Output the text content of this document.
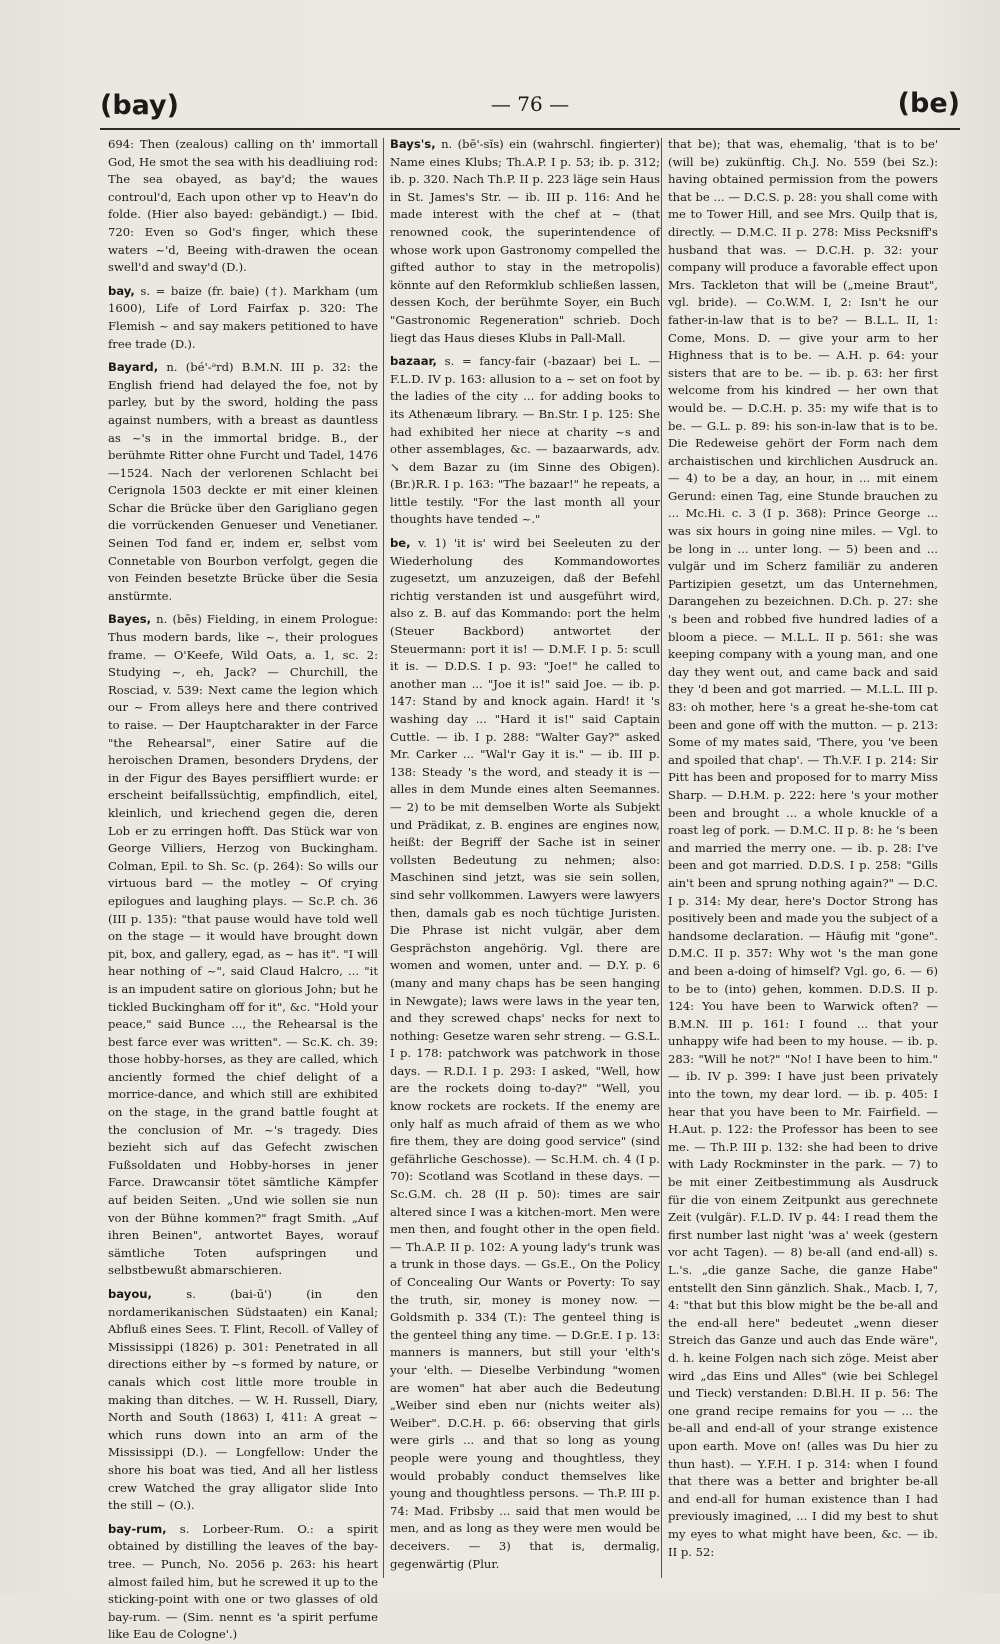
(bay)	— 76 —	(be)

694: Then (zealous) calling on th' immortall God, He smot the sea with his deadliuing rod: The sea obayed, as bay'd; the waues controul'd, Each upon other vp to Heav'n do folde. (Hier also bayed: gebändigt.) — Ibid. 720: Even so God's finger, which these waters ~'d, Beeing with-drawen the ocean swell'd and sway'd (D.).

bay, s. = baize (fr. baie) (†). Markham (um 1600), Life of Lord Fairfax p. 320: The Flemish ~ and say makers petitioned to have free trade (D.).

Bayard, n. (bé'-ᵊrd) B.M.N. III p. 32: the English friend had delayed the foe, not by parley, but by the sword, holding the pass against numbers, with a breast as dauntless as ~'s in the immortal bridge. B., der berühmte Ritter ohne Furcht und Tadel, 1476—1524. Nach der verlorenen Schlacht bei Cerignola 1503 deckte er mit einer kleinen Schar die Brücke über den Garigliano gegen die vorrückenden Genueser und Venetianer. Seinen Tod fand er, indem er, selbst vom Connetable von Bourbon verfolgt, gegen die von Feinden besetzte Brücke über die Sesia anstürmte.

Bayes, n. (bēs) Fielding, in einem Prologue: Thus modern bards, like ~, their prologues frame. — O'Keefe, Wild Oats, a. 1, sc. 2: Studying ~, eh, Jack? — Churchill, the Rosciad, v. 539: Next came the legion which our ~ From alleys here and there contrived to raise. — Der Hauptcharakter in der Farce "the Rehearsal", einer Satire auf die heroischen Dramen, besonders Drydens, der in der Figur des Bayes persiffliert wurde: er erscheint beifallssüchtig, empfindlich, eitel, kleinlich, und kriechend gegen die, deren Lob er zu erringen hofft. Das Stück war von George Villiers, Herzog von Buckingham. Colman, Epil. to Sh. Sc. (p. 264): So wills our virtuous bard — the motley ~ Of crying epilogues and laughing plays. — Sc.P. ch. 36 (III p. 135): "that pause would have told well on the stage — it would have brought down pit, box, and gallery, egad, as ~ has it". "I will hear nothing of ~", said Claud Halcro, ... "it is an impudent satire on glorious John; but he tickled Buckingham off for it", &c. "Hold your peace," said Bunce ..., the Rehearsal is the best farce ever was written". — Sc.K. ch. 39: those hobby-horses, as they are called, which anciently formed the chief delight of a morrice-dance, and which still are exhibited on the stage, in the grand battle fought at the conclusion of Mr. ~'s tragedy. Dies bezieht sich auf das Gefecht zwischen Fußsoldaten und Hobby-horses in jener Farce. Drawcansir tötet sämtliche Kämpfer auf beiden Seiten. „Und wie sollen sie nun von der Bühne kommen?" fragt Smith. „Auf ihren Beinen", antwortet Bayes, worauf sämtliche Toten aufspringen und selbstbewußt abmarschieren.

bayou,	s. (bai-ū') (in den nordamerikanischen Südstaaten) ein Kanal; Abfluß eines Sees. T. Flint, Recoll. of Valley of Mississippi (1826) p. 301: Penetrated in all directions either by ~s formed by nature, or canals which cost little more trouble in making than ditches. — W. H. Russell, Diary, North and South (1863) I, 411: A great ~ which runs down into an arm of the Mississippi (D.). — Longfellow: Under the shore his boat was tied, And all her listless crew Watched the gray alligator slide Into the still ~ (O.).

bay-rum, s. Lorbeer-Rum. O.: a spirit obtained by distilling the leaves of the bay-tree. — Punch, No. 2056 p. 263: his heart almost failed him, but he screwed it up to the sticking-point with one or two glasses of old bay-rum. — (Sim. nennt es 'a spirit perfume like Eau de Cologne'.)

Bays's, n. (bē'-sĭs) ein (wahrschl. fingierter) Name eines Klubs; Th.A.P. I p. 53; ib. p. 312; ib. p. 320. Nach Th.P. II p. 223 läge sein Haus in St. James's Str. — ib. III p. 116: And he made interest with the chef at ~ (that renowned cook, the superintendence of whose work upon Gastronomy compelled the gifted author to stay in the metropolis) könnte auf den Reformklub schließen lassen, dessen Koch, der berühmte Soyer, ein Buch "Gastronomic Regeneration" schrieb. Doch liegt das Haus dieses Klubs in Pall-Mall.

bazaar, s. = fancy-fair (-bazaar) bei L. — F.L.D. IV p. 163: allusion to a ~ set on foot by the ladies of the city ... for adding books to its Athenæum library. — Bn.Str. I p. 125: She had exhibited her niece at charity ~s and other assemblages, &c. — bazaarwards, adv. ↘ dem Bazar zu (im Sinne des Obigen). (Br.)R.R. I p. 163: "The bazaar!" he repeats, a little testily. "For the last month all your thoughts have tended ~."

be, v. 1) 'it is' wird bei Seeleuten zu der Wiederholung des Kommandowortes zugesetzt, um anzuzeigen, daß der Befehl richtig verstanden ist und ausgeführt wird, also z. B. auf das Kommando: port the helm (Steuer Backbord) antwortet der Steuermann: port it is! — D.M.F. I p. 5: scull it is. — D.D.S. I p. 93: "Joe!" he called to another man ... "Joe it is!" said Joe. — ib. p. 147: Stand by and knock again. Hard! it 's washing day ... "Hard it is!" said Captain Cuttle. — ib. I p. 288: "Walter Gay?" asked Mr. Carker ... "Wal'r Gay it is." — ib. III p. 138: Steady 's the word, and steady it is — alles in dem Munde eines alten Seemannes. — 2) to be mit demselben Worte als Subjekt und Prädikat, z. B. engines are engines now, heißt: der Begriff der Sache ist in seiner vollsten Bedeutung zu nehmen; also: Maschinen sind jetzt, was sie sein sollen, sind sehr vollkommen. Lawyers were lawyers then, damals gab es noch tüchtige Juristen. Die Phrase ist nicht vulgär, aber dem Gesprächston angehörig. Vgl. there are women and women, unter and. — D.Y. p. 6 (many and many chaps has be seen hanging in Newgate); laws were laws in the year ten, and they screwed chaps' necks for next to nothing: Gesetze waren sehr streng. — G.S.L. I p. 178: patchwork was patchwork in those days. — R.D.I. I p. 293: I asked, "Well, how are the rockets doing to-day?" "Well, you know rockets are rockets. If the enemy are only half as much afraid of them as we who fire them, they are doing good service" (sind gefährliche Geschosse). — Sc.H.M. ch. 4 (I p. 70): Scotland was Scotland in these days. — Sc.G.M. ch. 28 (II p. 50): times are sair altered since I was a kitchen-mort. Men were men then, and fought other in the open field. — Th.A.P. II p. 102: A young lady's trunk was a trunk in those days. — Gs.E., On the Policy of Concealing Our Wants or Poverty: To say the truth, sir, money is money now. — Goldsmith p. 334 (T.): The genteel thing is the genteel thing any time. — D.Gr.E. I p. 13: manners is manners, but still your 'elth's your 'elth. — Dieselbe Verbindung "women are women" hat aber auch die Bedeutung „Weiber sind eben nur (nichts weiter als) Weiber". D.C.H. p. 66: observing that girls were girls ... and that so long as young people were young and thoughtless, they would probably conduct themselves like young and thoughtless persons. — Th.P. III p. 74: Mad. Fribsby ... said that men would be men, and as long as they were men would be deceivers. — 3) that is, dermalig, gegenwärtig (Plur.

that be); that was, ehemalig, 'that is to be' (will be) zukünftig. Ch.J. No. 559 (bei Sz.): having obtained permission from the powers that be ... — D.C.S. p. 28: you shall come with me to Tower Hill, and see Mrs. Quilp that is, directly. — D.M.C. II p. 278: Miss Pecksniff's husband that was. — D.C.H. p. 32: your company will produce a favorable effect upon Mrs. Tackleton that will be („meine Braut", vgl. bride). — Co.W.M. I, 2: Isn't he our father-in-law that is to be? — B.L.L. II, 1: Come, Mons. D. — give your arm to her Highness that is to be. — A.H. p. 64: your sisters that are to be. — ib. p. 63: her first welcome from his kindred — her own that would be. — D.C.H. p. 35: my wife that is to be. — G.L. p. 89: his son-in-law that is to be. Die Redeweise gehört der Form nach dem archaistischen und kirchlichen Ausdruck an. — 4) to be a day, an hour, in ... mit einem Gerund: einen Tag, eine Stunde brauchen zu ... Mc.Hi. c. 3 (I p. 368): Prince George ... was six hours in going nine miles. — Vgl. to be long in ... unter long. — 5) been and ... vulgär und im Scherz familiär zu anderen Partizipien gesetzt, um das Unternehmen, Darangehen zu bezeichnen. D.Ch. p. 27: she 's been and robbed five hundred ladies of a bloom a piece. — M.L.L. II p. 561: she was keeping company with a young man, and one day they went out, and came back and said they 'd been and got married. — M.L.L. III p. 83: oh mother, here 's a great he-she-tom cat been and gone off with the mutton. — p. 213: Some of my mates said, 'There, you 've been and spoiled that chap'. — Th.V.F. I p. 214: Sir Pitt has been and proposed for to marry Miss Sharp. — D.H.M. p. 222: here 's your mother been and brought ... a whole knuckle of a roast leg of pork. — D.M.C. II p. 8: he 's been and married the merry one. — ib. p. 28: I've been and got married. D.D.S. I p. 258: "Gills ain't been and sprung nothing again?" — D.C. I p. 314: My dear, here's Doctor Strong has positively been and made you the subject of a handsome declaration. — Häufig mit "gone". D.M.C. II p. 357: Why wot 's the man gone and been a-doing of himself? Vgl. go, 6. — 6) to be to (into) gehen, kommen. D.D.S. II p. 124: You have been to Warwick often? — B.M.N. III p. 161: I found ... that your unhappy wife had been to my house. — ib. p. 283: "Will he not?" "No! I have been to him." — ib. IV p. 399: I have just been privately into the town, my dear lord. — ib. p. 405: I hear that you have been to Mr. Fairfield. — H.Aut. p. 122: the Professor has been to see me. — Th.P. III p. 132: she had been to drive with Lady Rockminster in the park. — 7) to be mit einer Zeitbestimmung als Ausdruck für die von einem Zeitpunkt aus gerechnete Zeit (vulgär). F.L.D. IV p. 44: I read them the first number last night 'was a' week (gestern vor acht Tagen). — 8) be-all (and end-all) s. L.'s. „die ganze Sache, die ganze Habe" entstellt den Sinn gänzlich. Shak., Macb. I, 7, 4: "that but this blow might be the be-all and the end-all here" bedeutet „wenn dieser Streich das Ganze und auch das Ende wäre", d. h. keine Folgen nach sich zöge. Meist aber wird „das Eins und Alles" (wie bei Schlegel und Tieck) verstanden: D.Bl.H. II p. 56: The one grand recipe remains for you — ... the be-all and end-all of your strange existence upon earth. Move on! (alles was Du hier zu thun hast). — Y.F.H. I p. 314: when I found that there was a better and brighter be-all and end-all for human existence than I had previously imagined, ... I did my best to shut my eyes to what might have been, &c. — ib. II p. 52:
